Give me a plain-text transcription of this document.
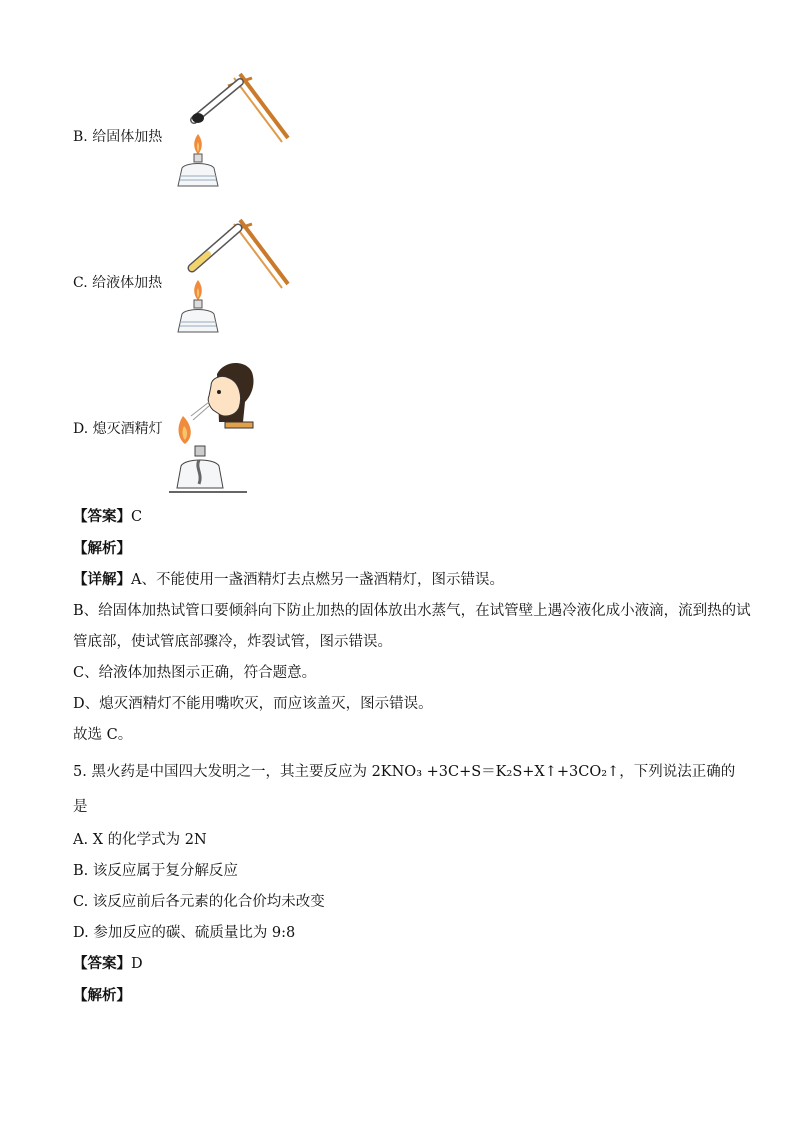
B. 给固体加热
C. 给液体加热
D. 熄灭酒精灯
【答案】C
【解析】
【详解】A、不能使用一盏酒精灯去点燃另一盏酒精灯，图示错误。
B、给固体加热试管口要倾斜向下防止加热的固体放出水蒸气，在试管壁上遇冷液化成小液滴，流到热的试
管底部，使试管底部骤冷，炸裂试管，图示错误。
C、给液体加热图示正确，符合题意。
D、熄灭酒精灯不能用嘴吹灭，而应该盖灭，图示错误。
故选 C。
5. 黑火药是中国四大发明之一，其主要反应为 2KNO₃ +3C+S＝K₂S+X↑+3CO₂↑，下列说法正确的
是
A. X 的化学式为 2N
B. 该反应属于复分解反应
C. 该反应前后各元素的化合价均未改变
D. 参加反应的碳、硫质量比为 9:8
【答案】D
【解析】
